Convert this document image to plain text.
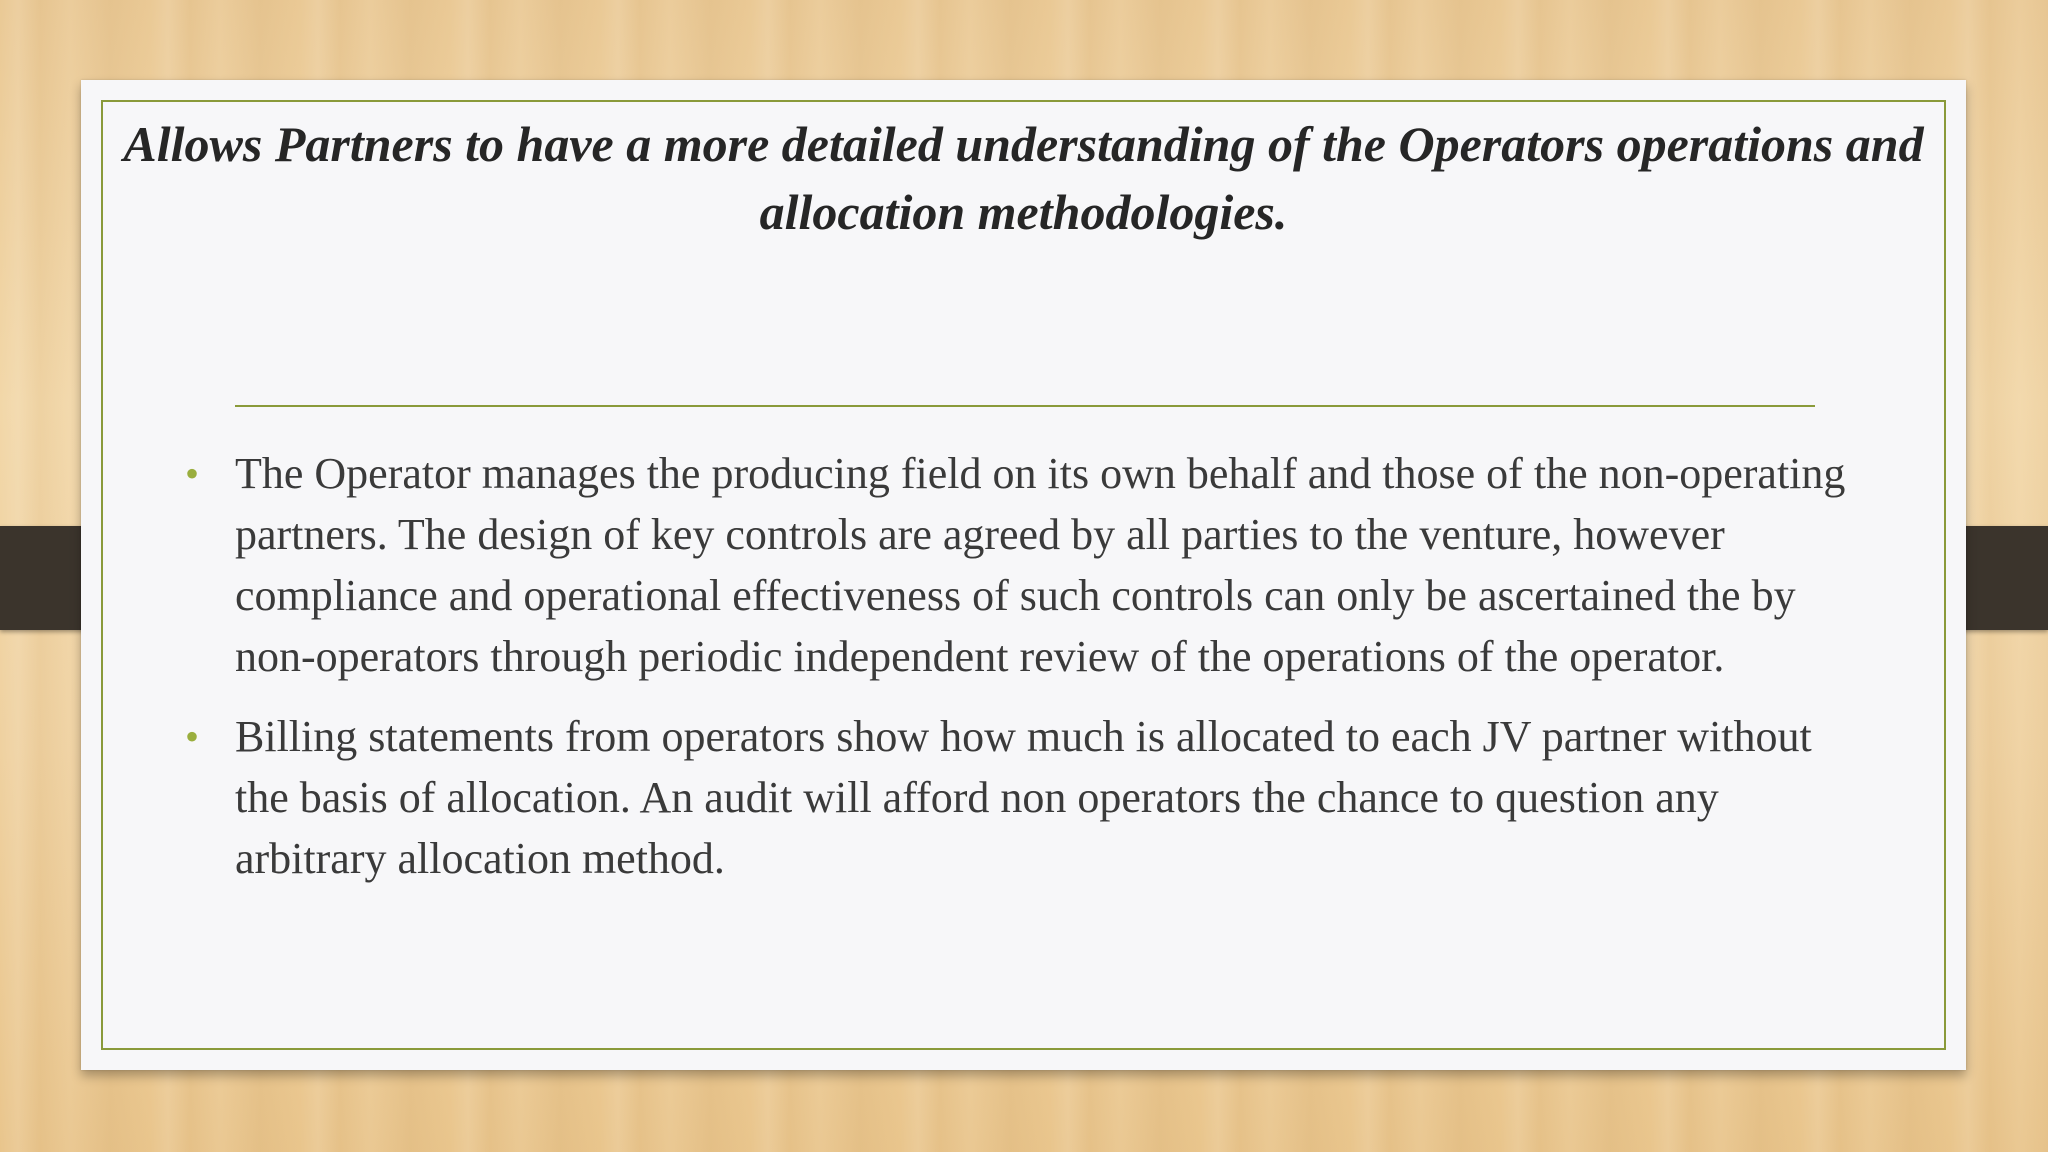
Allows Partners to have a more detailed understanding of the Operators operations and allocation methodologies.
• The Operator manages the producing field on its own behalf and those of the non-operating partners. The design of key controls are agreed by all parties to the venture, however compliance and operational effectiveness of such controls can only be ascertained the by non-operators through periodic independent review of the operations of the operator.
• Billing statements from operators show how much is allocated to each JV partner without the basis of allocation. An audit will afford non operators the chance to question any arbitrary allocation method.
